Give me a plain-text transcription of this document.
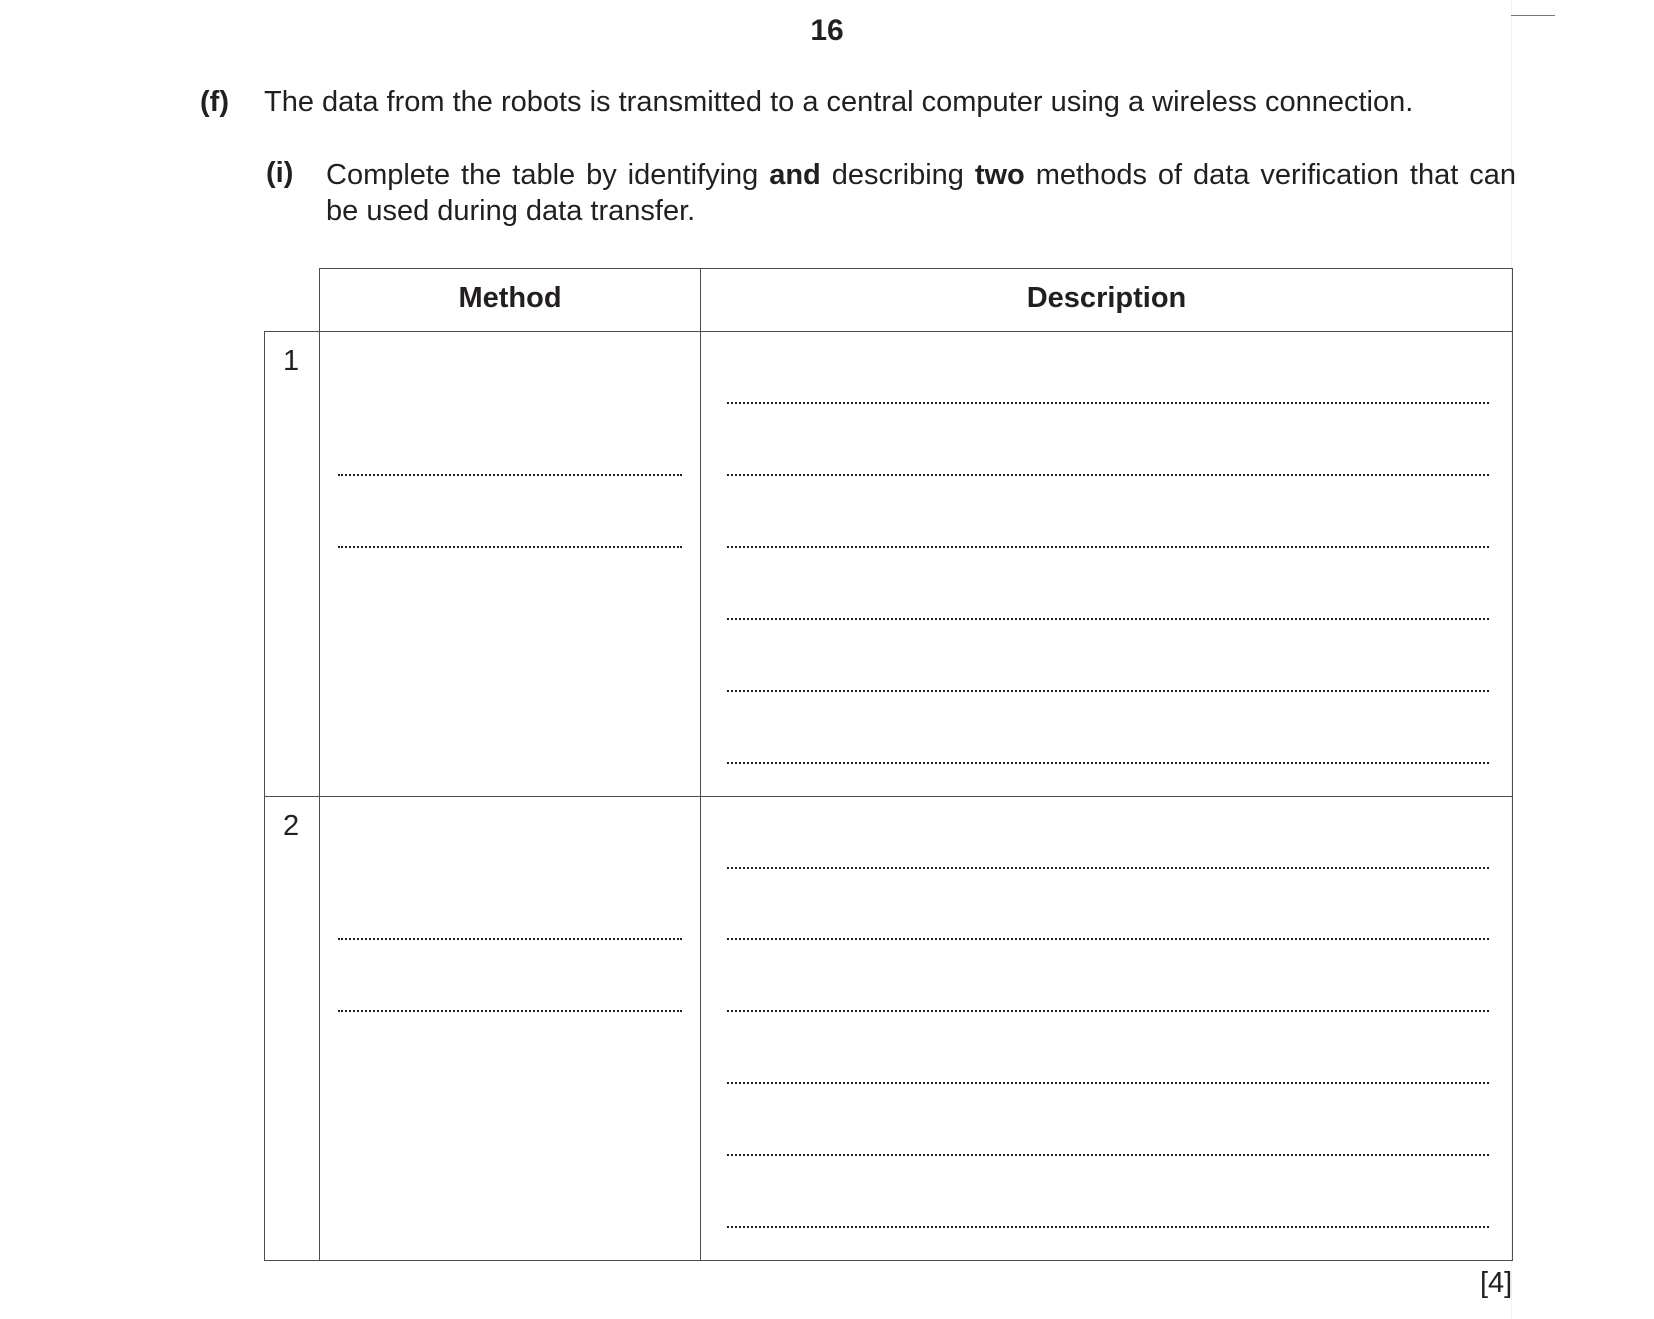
16
(f) The data from the robots is transmitted to a central computer using a wireless connection.
(i) Complete the table by identifying and describing two methods of data verification that can be used during data transfer.
Method	Description
1
2
[4]
